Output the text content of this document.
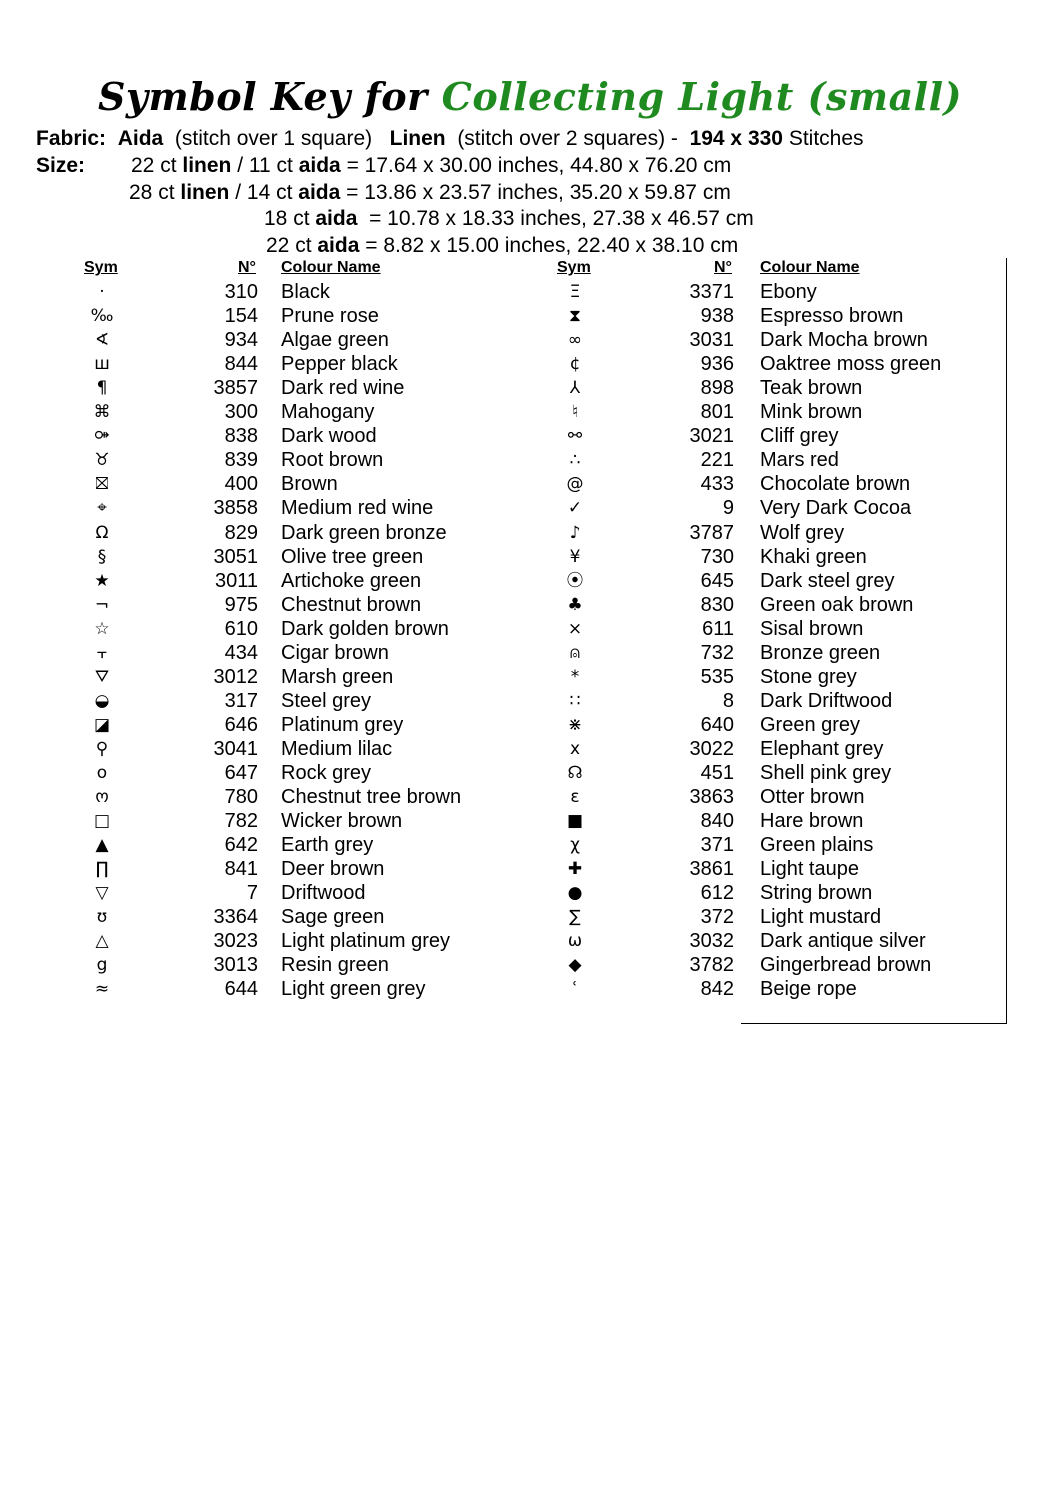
Symbol Key for Collecting Light (small)
Fabric: Aida (stitch over 1 square) Linen (stitch over 2 squares) - 194 x 330 Stitches
Size: 22 ct linen / 11 ct aida = 17.64 x 30.00 inches, 44.80 x 76.20 cm
28 ct linen / 14 ct aida = 13.86 x 23.57 inches, 35.20 x 59.87 cm
18 ct aida  = 10.78 x 18.33 inches, 27.38 x 46.57 cm
22 ct aida = 8.82 x 15.00 inches, 22.40 x 38.10 cm
Sym	N° Colour Name	Sym	N° Colour Name
·	310 Black
‰	154 Prune rose
∢	934 Algae green
ш	844 Pepper black
¶	3857 Dark red wine
⌘	300 Mahogany
⚩	838 Dark wood
♉	839 Root brown
⛝	400 Brown
⌖	3858 Medium red wine
Ω	829 Dark green bronze
§	3051 Olive tree green
★	3011 Artichoke green
¬	975 Chestnut brown
☆	610 Dark golden brown
⫟	434 Cigar brown
⛛	3012 Marsh green
◒	317 Steel grey
◪	646 Platinum grey
⚲	3041 Medium lilac
o	647 Rock grey
ო	780 Chestnut tree brown
□	782 Wicker brown
▲	642 Earth grey
∏	841 Deer brown
▽	7 Driftwood
ʊ	3364 Sage green
△	3023 Light platinum grey
g	3013 Resin green
≈	644 Light green grey
Ξ	3371 Ebony
⧗	938 Espresso brown
∞	3031 Dark Mocha brown
¢	936 Oaktree moss green
⅄	898 Teak brown
♮	801 Mink brown
⚯	3021 Cliff grey
∴	221 Mars red
@	433 Chocolate brown
✓	9 Very Dark Cocoa
♪	3787 Wolf grey
¥	730 Khaki green
⦿	645 Dark steel grey
♣	830 Green oak brown
⨯	611 Sisal brown
⍝	732 Bronze green
*	535 Stone grey
∷	8 Dark Driftwood
⋇	640 Green grey
x	3022 Elephant grey
☊	451 Shell pink grey
ɛ	3863 Otter brown
■	840 Hare brown
χ	371 Green plains
✚	3861 Light taupe
●	612 String brown
∑	372 Light mustard
ω	3032 Dark antique silver
◆	3782 Gingerbread brown
ʿ	842 Beige rope
